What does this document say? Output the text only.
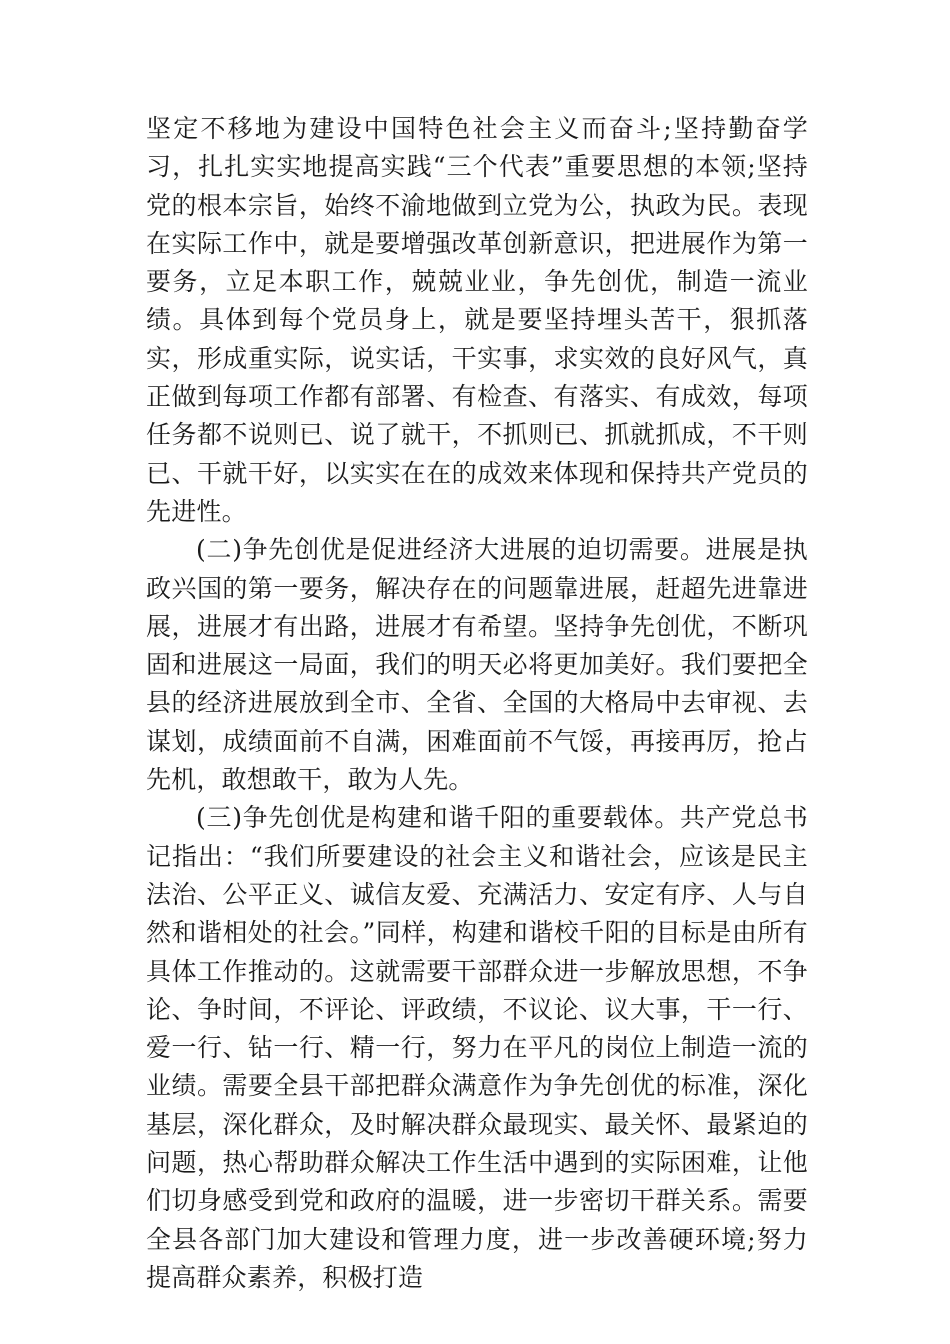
坚定不移地为建设中国特色社会主义而奋斗;坚持勤奋学习，扎扎实实地提高实践“三个代表”重要思想的本领;坚持党的根本宗旨，始终不渝地做到立党为公，执政为民。表现在实际工作中，就是要增强改革创新意识，把进展作为第一要务，立足本职工作，兢兢业业，争先创优，制造一流业绩。具体到每个党员身上，就是要坚持埋头苦干，狠抓落实，形成重实际，说实话，干实事，求实效的良好风气，真正做到每项工作都有部署、有检查、有落实、有成效，每项任务都不说则已、说了就干，不抓则已、抓就抓成，不干则已、干就干好，以实实在在的成效来体现和保持共产党员的先进性。

(二)争先创优是促进经济大进展的迫切需要。进展是执政兴国的第一要务，解决存在的问题靠进展，赶超先进靠进展，进展才有出路，进展才有希望。坚持争先创优，不断巩固和进展这一局面，我们的明天必将更加美好。我们要把全县的经济进展放到全市、全省、全国的大格局中去审视、去谋划，成绩面前不自满，困难面前不气馁，再接再厉，抢占先机，敢想敢干，敢为人先。

(三)争先创优是构建和谐千阳的重要载体。共产党总书记指出：“我们所要建设的社会主义和谐社会，应该是民主法治、公平正义、诚信友爱、充满活力、安定有序、人与自然和谐相处的社会。”同样，构建和谐校千阳的目标是由所有具体工作推动的。这就需要干部群众进一步解放思想，不争论、争时间，不评论、评政绩，不议论、议大事，干一行、爱一行、钻一行、精一行，努力在平凡的岗位上制造一流的业绩。需要全县干部把群众满意作为争先创优的标准，深化基层，深化群众，及时解决群众最现实、最关怀、最紧迫的问题，热心帮助群众解决工作生活中遇到的实际困难，让他们切身感受到党和政府的温暖，进一步密切干群关系。需要全县各部门加大建设和管理力度，进一步改善硬环境;努力提高群众素养，积极打造
